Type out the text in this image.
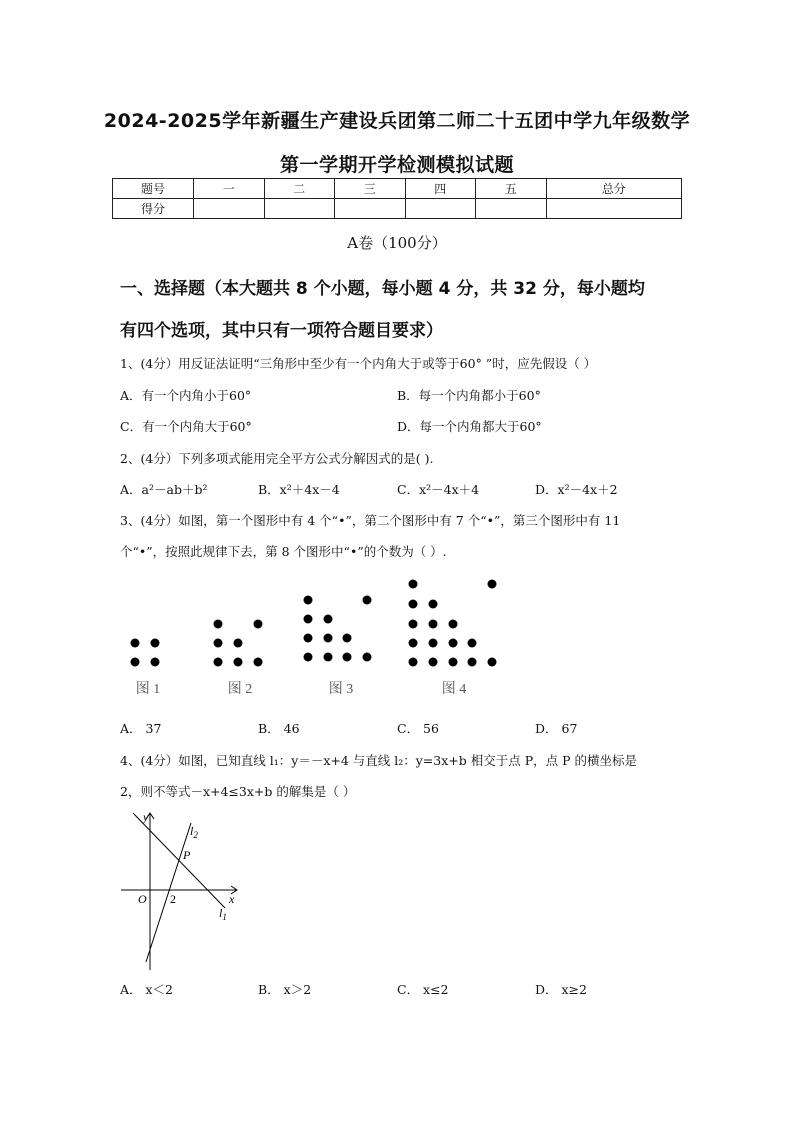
2024-2025学年新疆生产建设兵团第二师二十五团中学九年级数学
第一学期开学检测模拟试题
题号	一	二	三	四	五	总分
得分						
A卷（100分）
一、选择题（本大题共 8 个小题，每小题 4 分，共 32 分，每小题均
有四个选项，其中只有一项符合题目要求）
1、(4分）用反证法证明“三角形中至少有一个内角大于或等于60° ”时，应先假设（ ）
A．有一个内角小于60°	B．每一个内角都小于60°
C．有一个内角大于60°	D．每一个内角都大于60°
2、(4分）下列多项式能用完全平方公式分解因式的是( ).
A．a²－ab＋b²	B．x²＋4x－4	C．x²－4x＋4	D．x²－4x＋2
3、(4分）如图，第一个图形中有 4 个“•”，第二个图形中有 7 个“•”，第三个图形中有 11
个“•”，按照此规律下去，第 8 个图形中“•”的个数为（ ）.
图 1	图 2	图 3	图 4
A． 37	B． 46	C． 56	D． 67
4、(4分）如图，已知直线 l₁：y＝－x+4 与直线 l₂：y=3x+b 相交于点 P，点 P 的横坐标是
2，则不等式－x+4≤3x+b 的解集是（ ）
y
x
O 2
P
$l_2$
$l_1$
A． x＜2	B． x＞2	C． x≤2	D． x≥2
